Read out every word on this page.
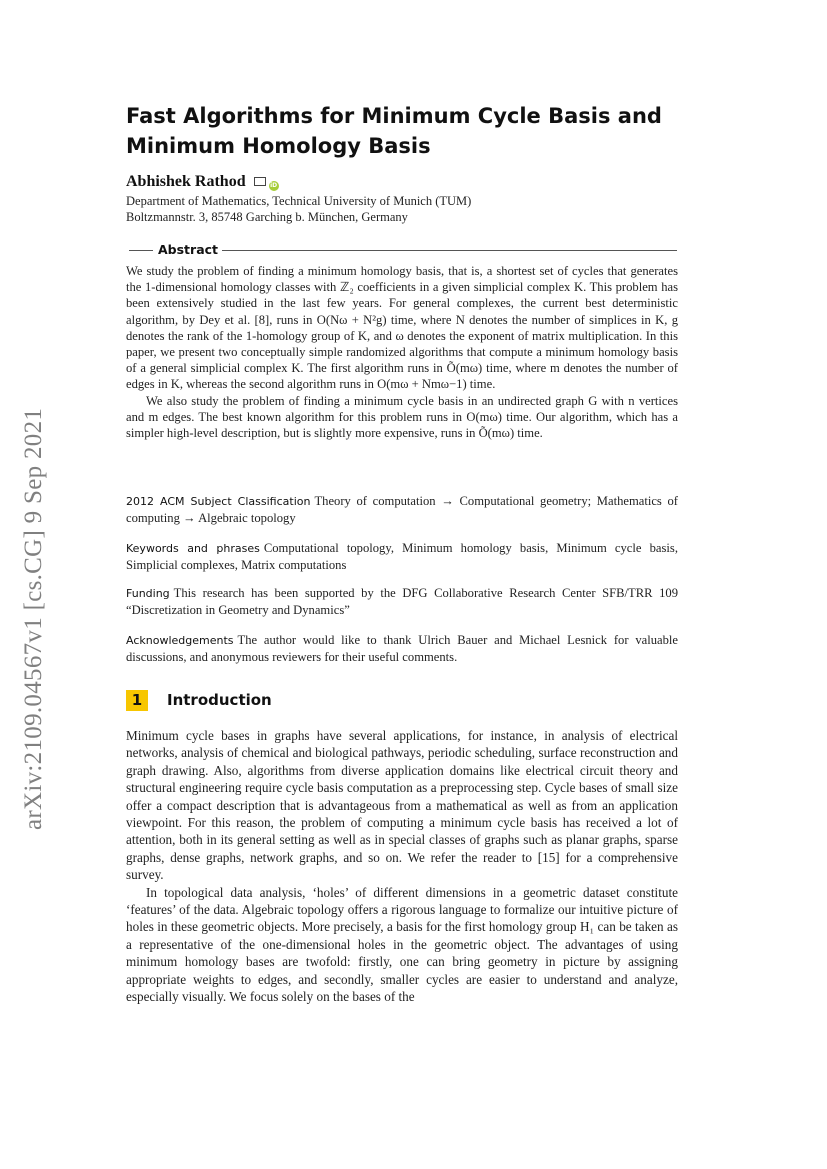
arXiv:2109.04567v1 [cs.CG] 9 Sep 2021
Fast Algorithms for Minimum Cycle Basis and Minimum Homology Basis
Abhishek Rathod	iD
Department of Mathematics, Technical University of Munich (TUM)
Boltzmannstr. 3, 85748 Garching b. München, Germany
Abstract

We study the problem of finding a minimum homology basis, that is, a shortest set of cycles that generates the 1-dimensional homology classes with ℤ₂ coefficients in a given simplicial complex K. This problem has been extensively studied in the last few years. For general complexes, the current best deterministic algorithm, by Dey et al. [8], runs in O(Nω + N²g) time, where N denotes the number of simplices in K, g denotes the rank of the 1-homology group of K, and ω denotes the exponent of matrix multiplication. In this paper, we present two conceptually simple randomized algorithms that compute a minimum homology basis of a general simplicial complex K. The first algorithm runs in Õ(mω) time, where m denotes the number of edges in K, whereas the second algorithm runs in O(mω + Nmω−1) time.

We also study the problem of finding a minimum cycle basis in an undirected graph G with n vertices and m edges. The best known algorithm for this problem runs in O(mω) time. Our algorithm, which has a simpler high-level description, but is slightly more expensive, runs in Õ(mω) time.

2012 ACM Subject Classification Theory of computation → Computational geometry; Mathematics of computing → Algebraic topology
Keywords and phrases Computational topology, Minimum homology basis, Minimum cycle basis, Simplicial complexes, Matrix computations
Funding This research has been supported by the DFG Collaborative Research Center SFB/TRR 109 “Discretization in Geometry and Dynamics”
Acknowledgements The author would like to thank Ulrich Bauer and Michael Lesnick for valuable discussions, and anonymous reviewers for their useful comments.
1	Introduction

Minimum cycle bases in graphs have several applications, for instance, in analysis of electrical networks, analysis of chemical and biological pathways, periodic scheduling, surface reconstruction and graph drawing. Also, algorithms from diverse application domains like electrical circuit theory and structural engineering require cycle basis computation as a preprocessing step. Cycle bases of small size offer a compact description that is advantageous from a mathematical as well as from an application viewpoint. For this reason, the problem of computing a minimum cycle basis has received a lot of attention, both in its general setting as well as in special classes of graphs such as planar graphs, sparse graphs, dense graphs, network graphs, and so on. We refer the reader to [15] for a comprehensive survey.

In topological data analysis, ‘holes’ of different dimensions in a geometric dataset constitute ‘features’ of the data. Algebraic topology offers a rigorous language to formalize our intuitive picture of holes in these geometric objects. More precisely, a basis for the first homology group H₁ can be taken as a representative of the one-dimensional holes in the geometric object. The advantages of using minimum homology bases are twofold: firstly, one can bring geometry in picture by assigning appropriate weights to edges, and secondly, smaller cycles are easier to understand and analyze, especially visually. We focus solely on the bases of the
